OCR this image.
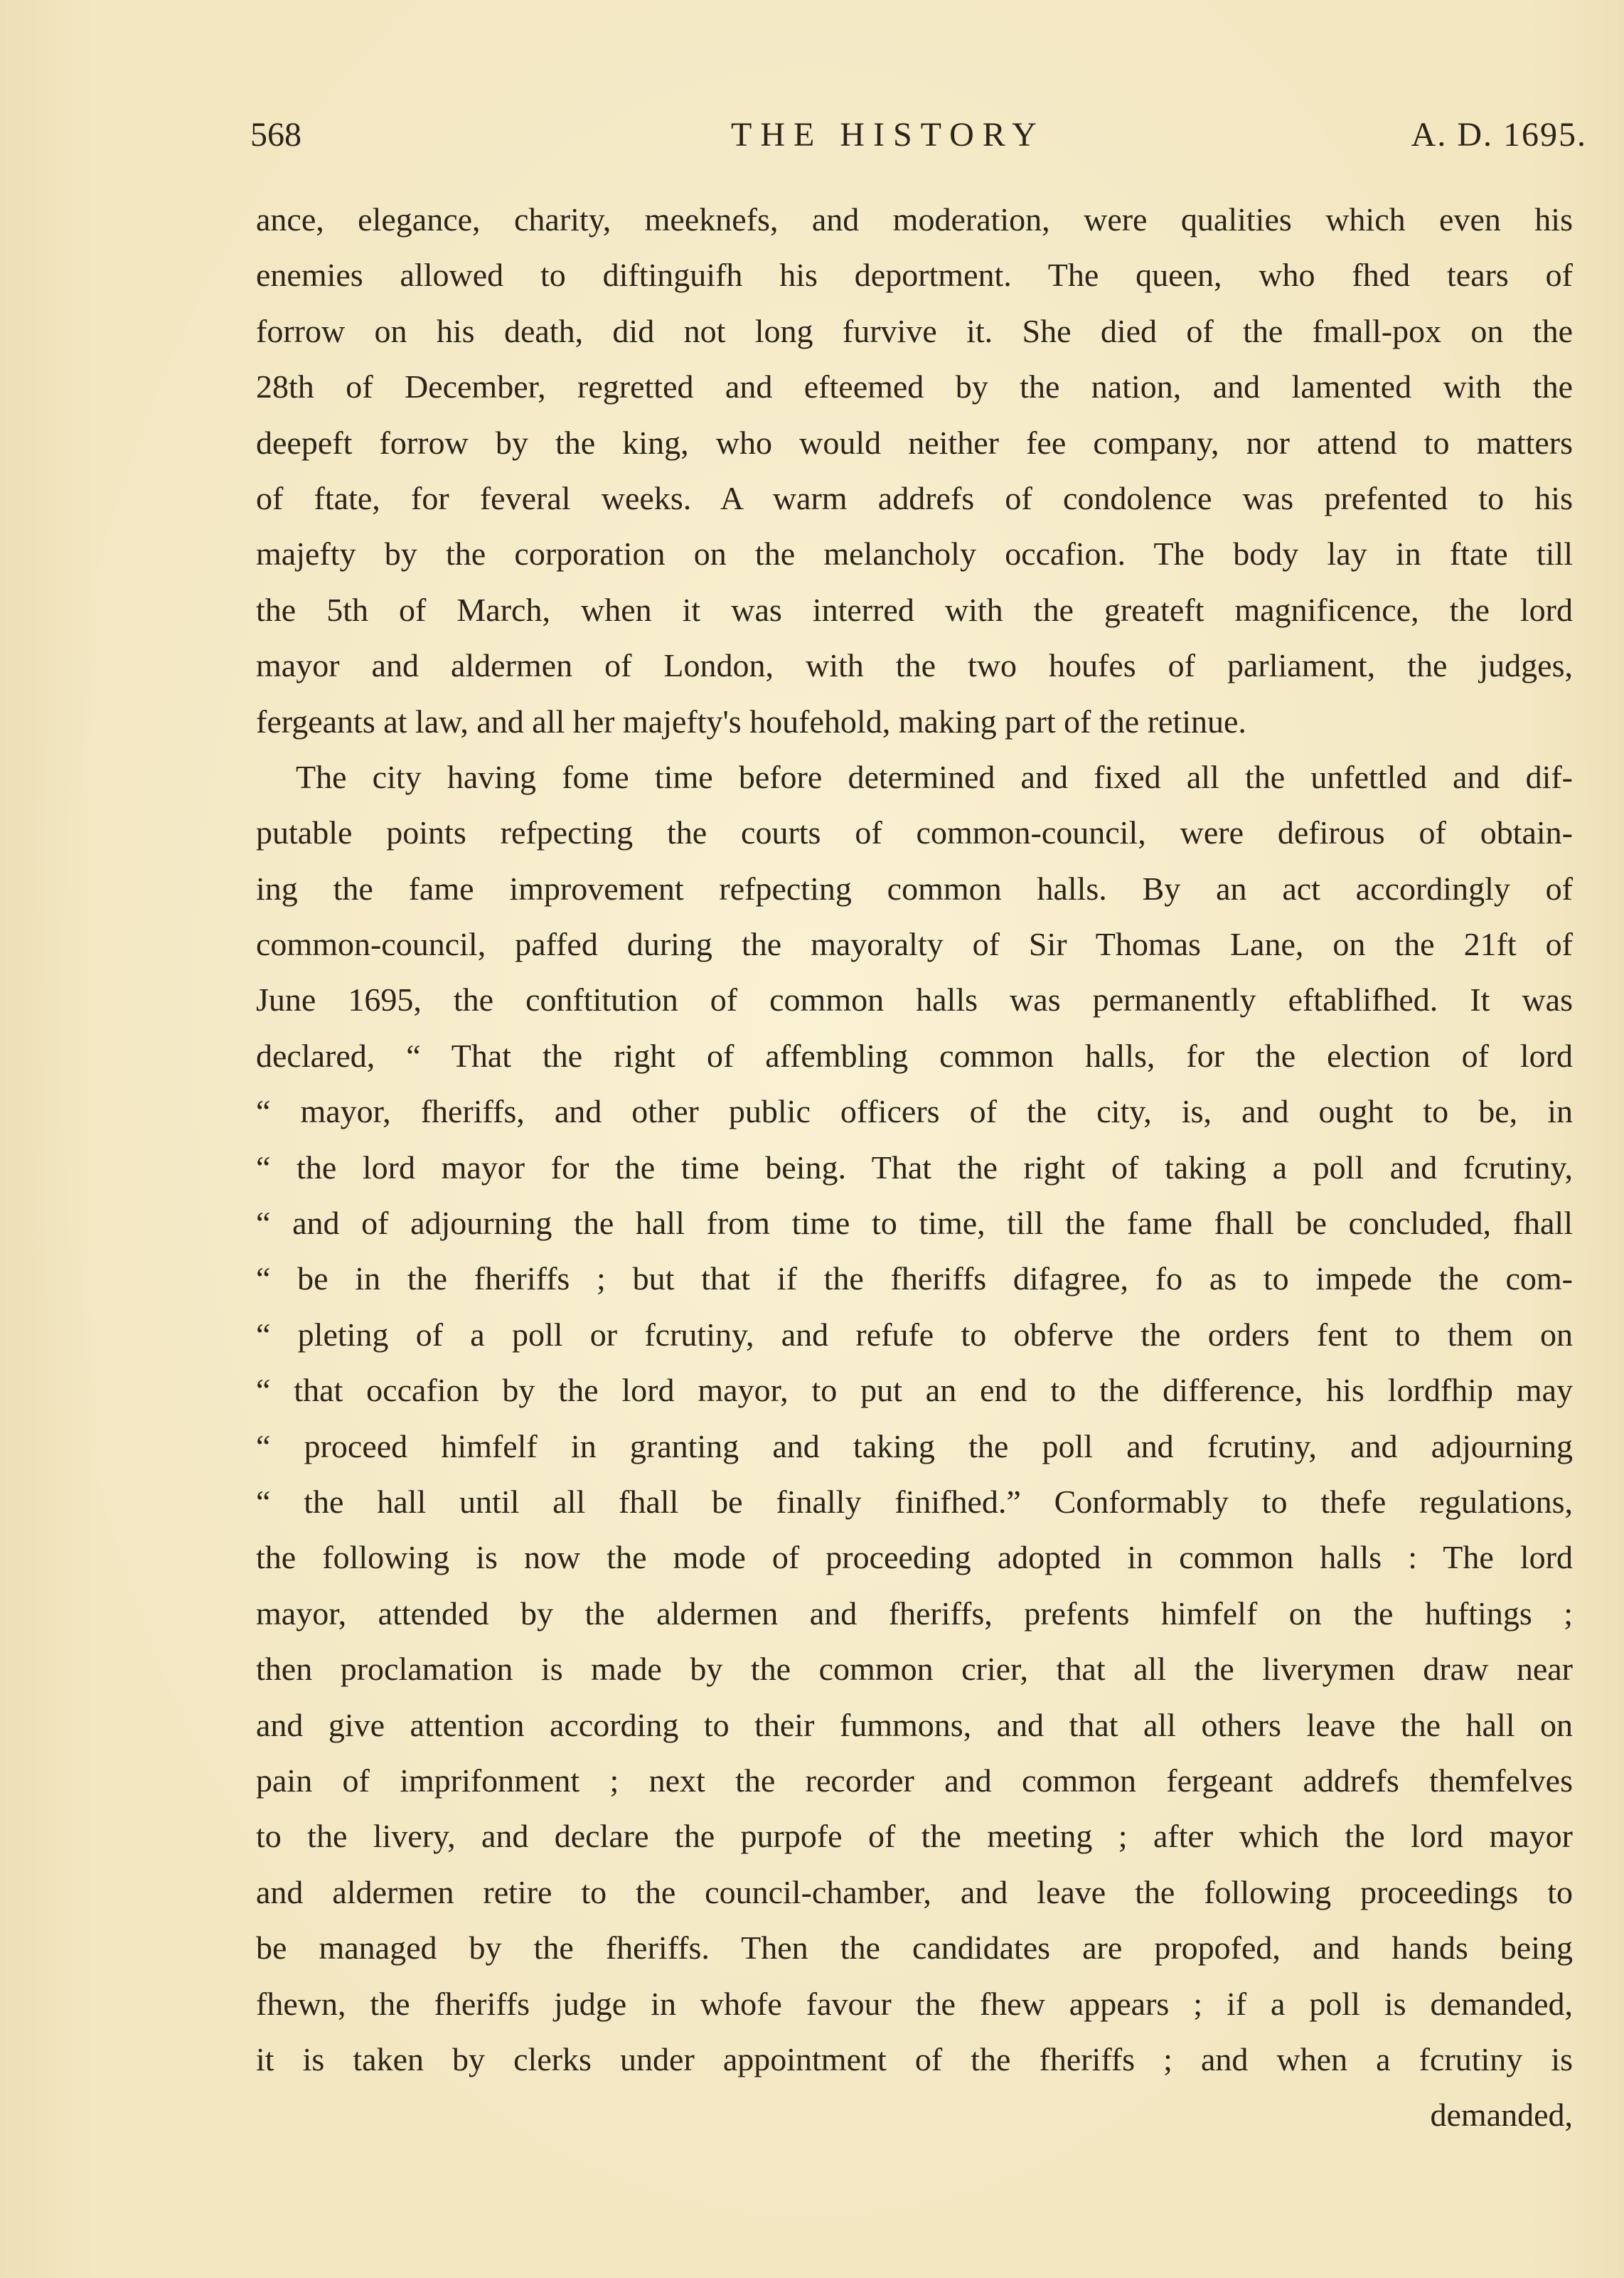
568	THE HISTORY	A. D. 1695.
ance, elegance, charity, meeknefs, and moderation, were qualities which even his
enemies allowed to diftinguifh his deportment. The queen, who fhed tears of
forrow on his death, did not long furvive it. She died of the fmall-pox on the
28th of December, regretted and efteemed by the nation, and lamented with the
deepeft forrow by the king, who would neither fee company, nor attend to matters
of ftate, for feveral weeks. A warm addrefs of condolence was prefented to his
majefty by the corporation on the melancholy occafion. The body lay in ftate till
the 5th of March, when it was interred with the greateft magnificence, the lord
mayor and aldermen of London, with the two houfes of parliament, the judges,
fergeants at law, and all her majefty's houfehold, making part of the retinue.
The city having fome time before determined and fixed all the unfettled and dif-
putable points refpecting the courts of common-council, were defirous of obtain-
ing the fame improvement refpecting common halls. By an act accordingly of
common-council, paffed during the mayoralty of Sir Thomas Lane, on the 21ft of
June 1695, the conftitution of common halls was permanently eftablifhed. It was
declared, “ That the right of affembling common halls, for the election of lord
“ mayor, fheriffs, and other public officers of the city, is, and ought to be, in
“ the lord mayor for the time being. That the right of taking a poll and fcrutiny,
“ and of adjourning the hall from time to time, till the fame fhall be concluded, fhall
“ be in the fheriffs ; but that if the fheriffs difagree, fo as to impede the com-
“ pleting of a poll or fcrutiny, and refufe to obferve the orders fent to them on
“ that occafion by the lord mayor, to put an end to the difference, his lordfhip may
“ proceed himfelf in granting and taking the poll and fcrutiny, and adjourning
“ the hall until all fhall be finally finifhed.” Conformably to thefe regulations,
the following is now the mode of proceeding adopted in common halls : The lord
mayor, attended by the aldermen and fheriffs, prefents himfelf on the huftings ;
then proclamation is made by the common crier, that all the liverymen draw near
and give attention according to their fummons, and that all others leave the hall on
pain of imprifonment ; next the recorder and common fergeant addrefs themfelves
to the livery, and declare the purpofe of the meeting ; after which the lord mayor
and aldermen retire to the council-chamber, and leave the following proceedings to
be managed by the fheriffs. Then the candidates are propofed, and hands being
fhewn, the fheriffs judge in whofe favour the fhew appears ; if a poll is demanded,
it is taken by clerks under appointment of the fheriffs ; and when a fcrutiny is
demanded,
